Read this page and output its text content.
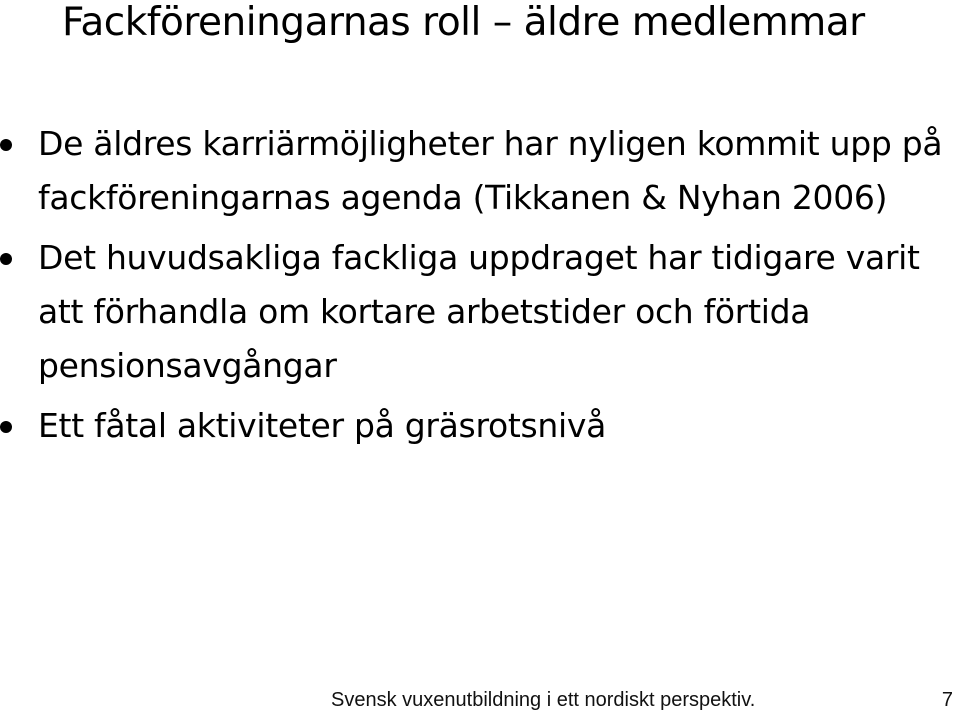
Fackföreningarnas roll – äldre medlemmar
De äldres karriärmöjligheter har nyligen kommit upp på fackföreningarnas agenda (Tikkanen & Nyhan 2006)
Det huvudsakliga fackliga uppdraget har tidigare varit att förhandla om kortare arbetstider och förtida pensionsavgångar
Ett fåtal aktiviteter på gräsrotsnivå
Svensk vuxenutbildning i ett nordiskt perspektiv.	7
